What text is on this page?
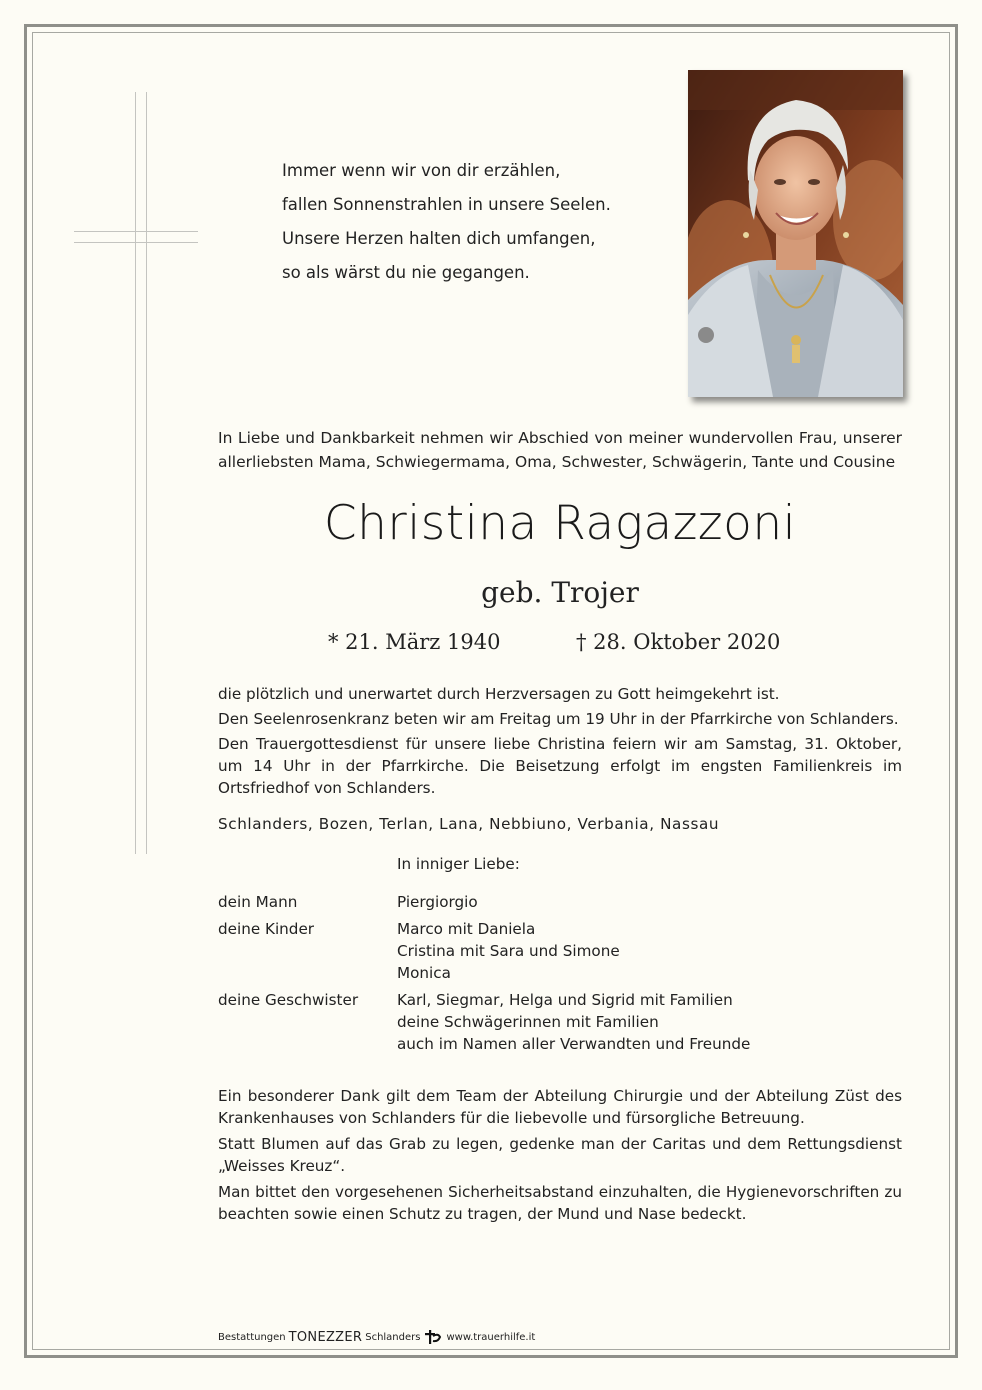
Immer wenn wir von dir erzählen,
fallen Sonnenstrahlen in unsere Seelen.
Unsere Herzen halten dich umfangen,
so als wärst du nie gegangen.
In Liebe und Dankbarkeit nehmen wir Abschied von meiner wundervollen Frau, unserer allerliebsten Mama, Schwiegermama, Oma, Schwester, Schwägerin, Tante und Cousine
Christina Ragazzoni
geb. Trojer
* 21. März 1940	† 28. Oktober 2020

die plötzlich und unerwartet durch Herzversagen zu Gott heimgekehrt ist.

Den Seelenrosenkranz beten wir am Freitag um 19 Uhr in der Pfarrkirche von Schlanders.

Den Trauergottesdienst für unsere liebe Christina feiern wir am Samstag, 31. Oktober, um 14 Uhr in der Pfarrkirche. Die Beisetzung erfolgt im engsten Familienkreis im Ortsfriedhof von Schlanders.

Schlanders, Bozen, Terlan, Lana, Nebbiuno, Verbania, Nassau
In inniger Liebe:
dein Mann	Piergiorgio
deine Kinder	Marco mit Daniela
Cristina mit Sara und Simone
Monica
deine Geschwister	Karl, Siegmar, Helga und Sigrid mit Familien
deine Schwägerinnen mit Familien
auch im Namen aller Verwandten und Freunde

Ein besonderer Dank gilt dem Team der Abteilung Chirurgie und der Abteilung Züst des Krankenhauses von Schlanders für die liebevolle und fürsorgliche Betreuung.

Statt Blumen auf das Grab zu legen, gedenke man der Caritas und dem Rettungsdienst „Weisses Kreuz“.

Man bittet den vorgesehenen Sicherheitsabstand einzuhalten, die Hygienevorschriften zu beachten sowie einen Schutz zu tragen, der Mund und Nase bedeckt.

Bestattungen TONEZZER Schlanders	www.trauerhilfe.it
